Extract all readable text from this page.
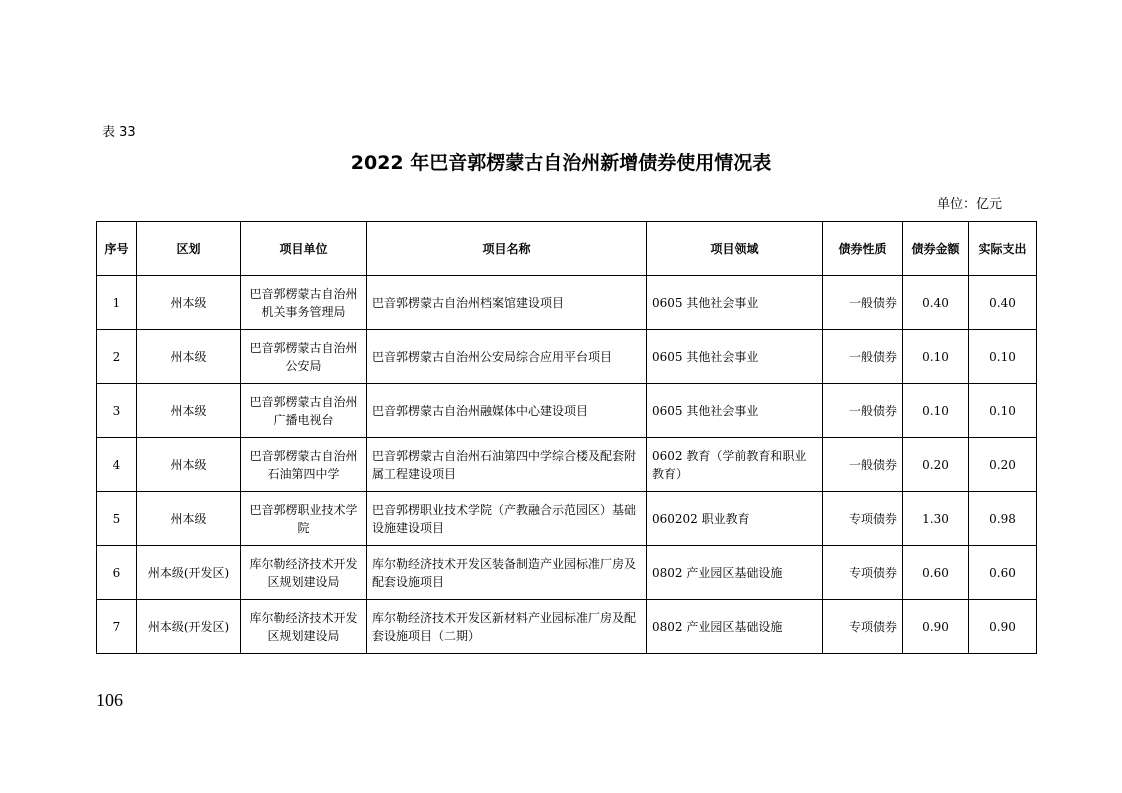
表 33
2022 年巴音郭楞蒙古自治州新增债券使用情况表
单位：亿元
序号	区划	项目单位	项目名称	项目领域	债券性质	债券金额	实际支出
1	州本级	巴音郭楞蒙古自治州机关事务管理局	巴音郭楞蒙古自治州档案馆建设项目	0605 其他社会事业	一般债券	0.40	0.40
2	州本级	巴音郭楞蒙古自治州公安局	巴音郭楞蒙古自治州公安局综合应用平台项目	0605 其他社会事业	一般债券	0.10	0.10
3	州本级	巴音郭楞蒙古自治州广播电视台	巴音郭楞蒙古自治州融媒体中心建设项目	0605 其他社会事业	一般债券	0.10	0.10
4	州本级	巴音郭楞蒙古自治州石油第四中学	巴音郭楞蒙古自治州石油第四中学综合楼及配套附属工程建设项目	0602 教育（学前教育和职业教育）	一般债券	0.20	0.20
5	州本级	巴音郭楞职业技术学院	巴音郭楞职业技术学院（产教融合示范园区）基础设施建设项目	060202 职业教育	专项债券	1.30	0.98
6	州本级(开发区)	库尔勒经济技术开发区规划建设局	库尔勒经济技术开发区装备制造产业园标准厂房及配套设施项目	0802 产业园区基础设施	专项债券	0.60	0.60
7	州本级(开发区)	库尔勒经济技术开发区规划建设局	库尔勒经济技术开发区新材料产业园标准厂房及配套设施项目（二期）	0802 产业园区基础设施	专项债券	0.90	0.90
106
